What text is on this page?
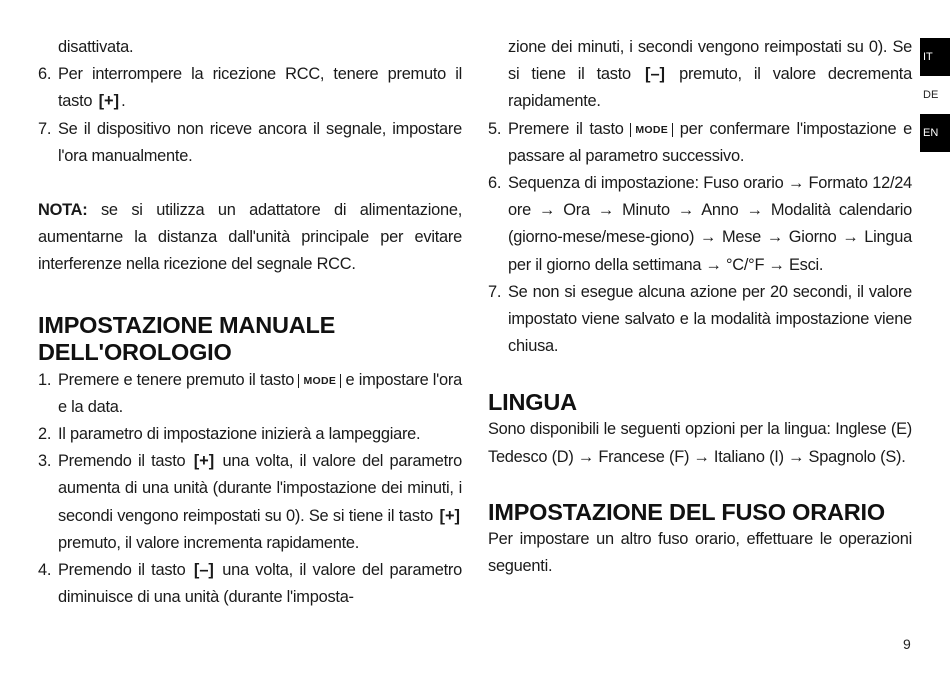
disattivata.

6. Per interrompere la ricezione RCC, tenere premuto il tasto [+] .
7. Se il dispositivo non riceve ancora il segnale, impostare l'ora manualmente.

NOTA: se si utilizza un adattatore di alimentazione, aumentarne la distanza dall'unità principale per evitare interferenze nella ricezione del segnale RCC.

IMPOSTAZIONE MANUALE DELL'OROLOGIO
1. Premere e tenere premuto il tasto MODE e impostare l'ora e la data.
2. Il parametro di impostazione inizierà a lampeggiare.
3. Premendo il tasto [+] una volta, il valore del parametro aumenta di una unità (durante l'impostazione dei minuti, i secondi vengono reimpostati su 0). Se si tiene il tasto [+] premuto, il valore incrementa rapidamente.
4. Premendo il tasto [–] una volta, il valore del parametro diminuisce di una unità (durante l'imposta-

zione dei minuti, i secondi vengono reimpostati su 0). Se si tiene il tasto [–] premuto, il valore decrementa rapidamente.

5. Premere il tasto MODE per confermare l'impostazione e passare al parametro successivo.
6. Sequenza di impostazione: Fuso orario → Formato 12/24 ore → Ora → Minuto → Anno → Modalità calendario (giorno-mese/mese-giono) → Mese → Giorno → Lingua per il giorno della settimana → °C/°F → Esci.
7. Se non si esegue alcuna azione per 20 secondi, il valore impostato viene salvato e la modalità impostazione viene chiusa.
LINGUA

Sono disponibili le seguenti opzioni per la lingua: Inglese (E) Tedesco (D) → Francese (F) → Italiano (I) → Spagnolo (S).

IMPOSTAZIONE DEL FUSO ORARIO

Per impostare un altro fuso orario, effettuare le operazioni seguenti.

IT
DE
EN
9
